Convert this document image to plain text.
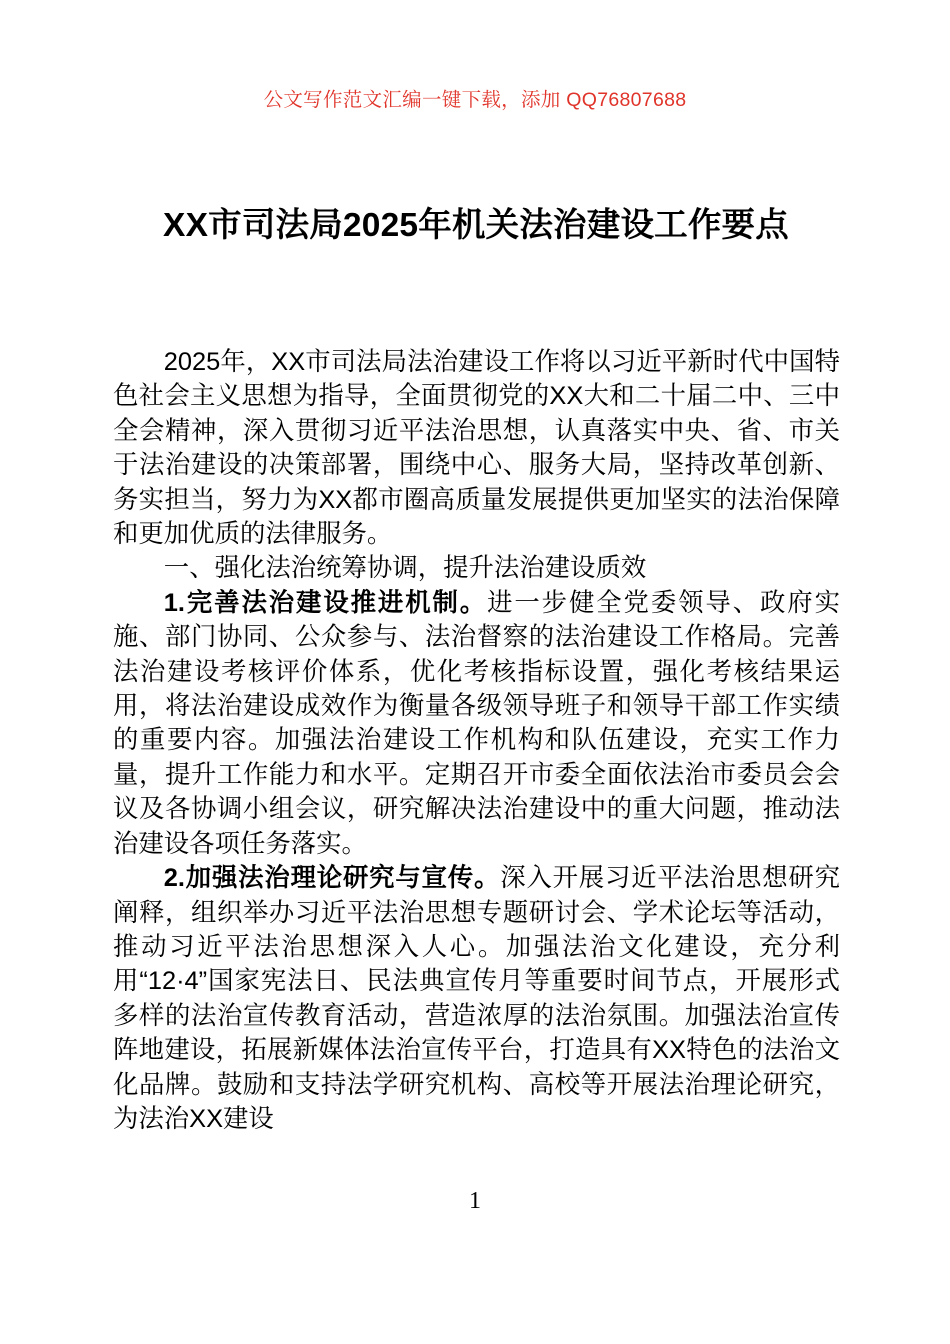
公文写作范文汇编一键下载，添加 QQ76807688
XX市司法局2025年机关法治建设工作要点

2025年，XX市司法局法治建设工作将以习近平新时代中国特色社会主义思想为指导，全面贯彻党的XX大和二十届二中、三中全会精神，深入贯彻习近平法治思想，认真落实中央、省、市关于法治建设的决策部署，围绕中心、服务大局，坚持改革创新、务实担当，努力为XX都市圈高质量发展提供更加坚实的法治保障和更加优质的法律服务。

一、强化法治统筹协调，提升法治建设质效

1.完善法治建设推进机制。进一步健全党委领导、政府实施、部门协同、公众参与、法治督察的法治建设工作格局。完善法治建设考核评价体系，优化考核指标设置，强化考核结果运用，将法治建设成效作为衡量各级领导班子和领导干部工作实绩的重要内容。加强法治建设工作机构和队伍建设，充实工作力量，提升工作能力和水平。定期召开市委全面依法治市委员会会议及各协调小组会议，研究解决法治建设中的重大问题，推动法治建设各项任务落实。

2.加强法治理论研究与宣传。深入开展习近平法治思想研究阐释，组织举办习近平法治思想专题研讨会、学术论坛等活动，推动习近平法治思想深入人心。加强法治文化建设，充分利用“12·4”国家宪法日、民法典宣传月等重要时间节点，开展形式多样的法治宣传教育活动，营造浓厚的法治氛围。加强法治宣传阵地建设，拓展新媒体法治宣传平台，打造具有XX特色的法治文化品牌。鼓励和支持法学研究机构、高校等开展法治理论研究，为法治XX建设

1
